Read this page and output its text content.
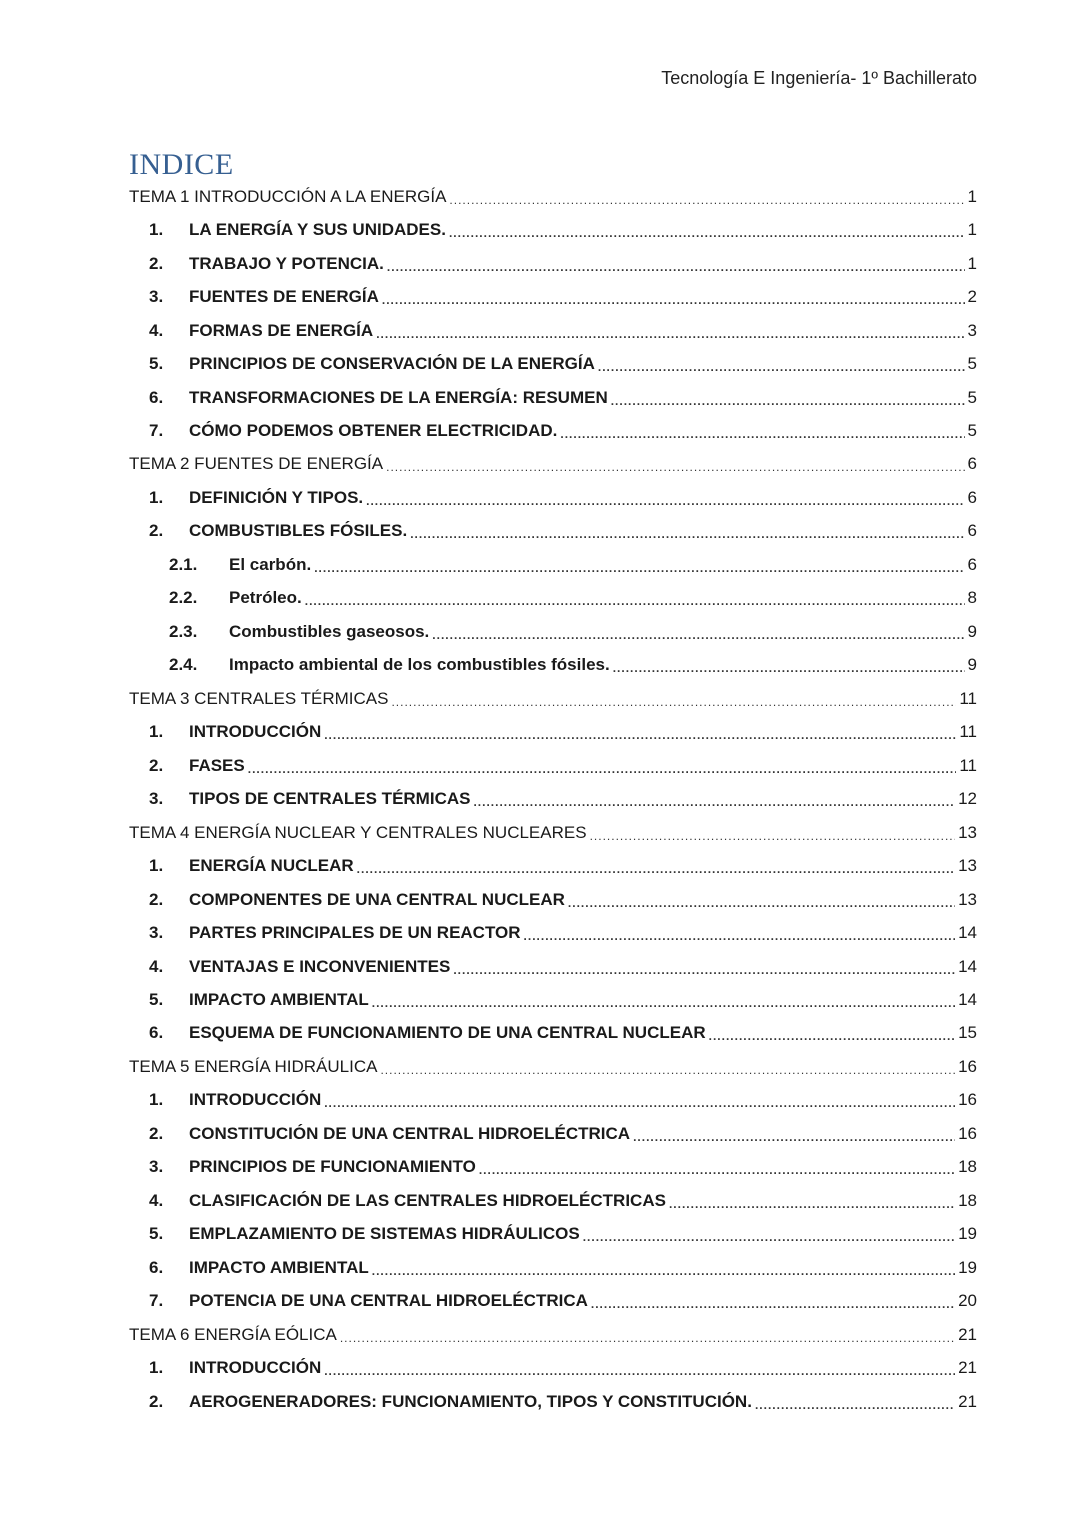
Tecnología E Ingeniería- 1º Bachillerato
INDICE
TEMA 1 INTRODUCCIÓN A LA ENERGÍA .....	1
1.	LA ENERGÍA Y SUS UNIDADES. .....	1
2.	TRABAJO Y POTENCIA. .....	1
3.	FUENTES DE ENERGÍA .....	2
4.	FORMAS DE ENERGÍA .....	3
5.	PRINCIPIOS DE CONSERVACIÓN DE LA ENERGÍA .....	5
6.	TRANSFORMACIONES DE LA ENERGÍA: RESUMEN .....	5
7.	CÓMO PODEMOS OBTENER ELECTRICIDAD. .....	5
TEMA 2 FUENTES DE ENERGÍA .....	6
1.	DEFINICIÓN Y TIPOS. .....	6
2.	COMBUSTIBLES FÓSILES. .....	6
2.1.	El carbón. .....	6
2.2.	Petróleo. .....	8
2.3.	Combustibles gaseosos. .....	9
2.4.	Impacto ambiental de los combustibles fósiles. .....	9
TEMA 3 CENTRALES TÉRMICAS .....	11
1.	INTRODUCCIÓN .....	11
2.	FASES .....	11
3.	TIPOS DE CENTRALES TÉRMICAS .....	12
TEMA 4 ENERGÍA NUCLEAR Y CENTRALES NUCLEARES .....	13
1.	ENERGÍA NUCLEAR .....	13
2.	COMPONENTES DE UNA CENTRAL NUCLEAR .....	13
3.	PARTES PRINCIPALES DE UN REACTOR .....	14
4.	VENTAJAS E INCONVENIENTES .....	14
5.	IMPACTO AMBIENTAL .....	14
6.	ESQUEMA DE FUNCIONAMIENTO DE UNA CENTRAL NUCLEAR .....	15
TEMA 5 ENERGÍA HIDRÁULICA .....	16
1.	INTRODUCCIÓN .....	16
2.	CONSTITUCIÓN DE UNA CENTRAL HIDROELÉCTRICA .....	16
3.	PRINCIPIOS DE FUNCIONAMIENTO .....	18
4.	CLASIFICACIÓN DE LAS CENTRALES HIDROELÉCTRICAS .....	18
5.	EMPLAZAMIENTO DE SISTEMAS HIDRÁULICOS .....	19
6.	IMPACTO AMBIENTAL .....	19
7.	POTENCIA DE UNA CENTRAL HIDROELÉCTRICA .....	20
TEMA 6 ENERGÍA EÓLICA .....	21
1.	INTRODUCCIÓN .....	21
2.	AEROGENERADORES: FUNCIONAMIENTO, TIPOS Y CONSTITUCIÓN. .....	21
